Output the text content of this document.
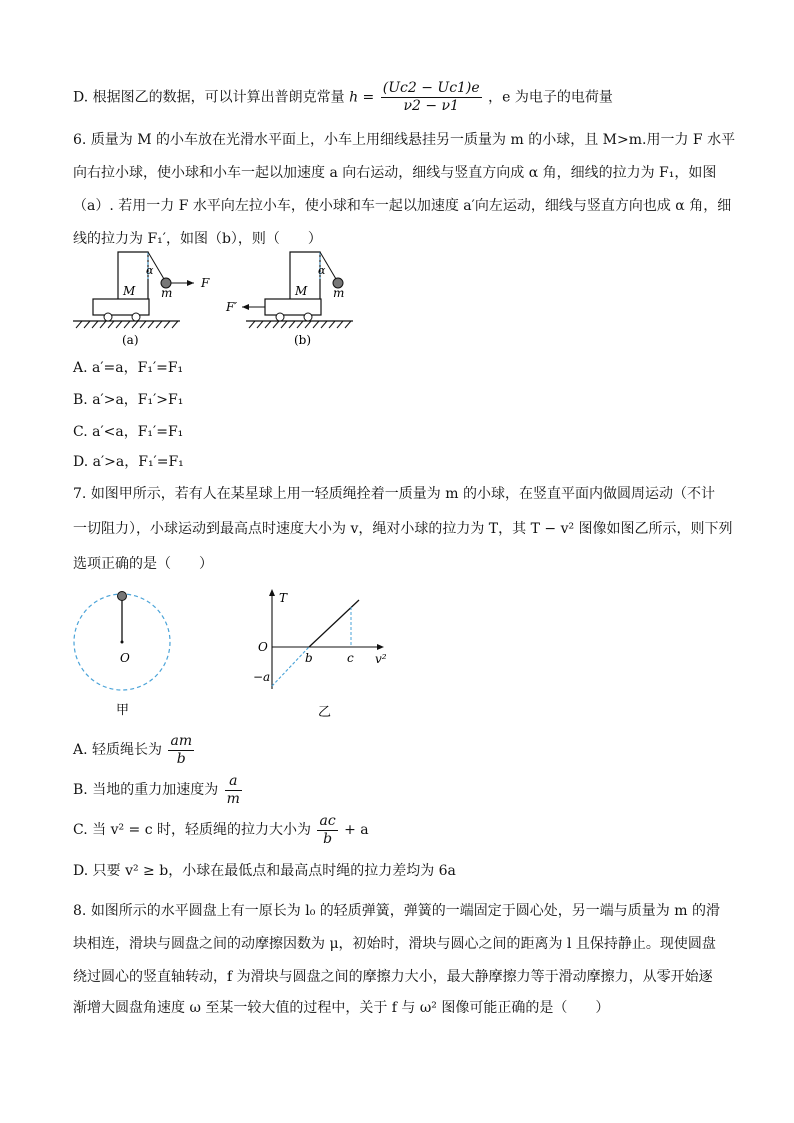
D. 根据图乙的数据，可以计算出普朗克常量 $h = \frac{(Uc2 - Uc1)e}{\nu 2 - \nu 1}$ ，e 为电子的电荷量
6. 质量为 M 的小车放在光滑水平面上，小车上用细线悬挂另一质量为 m 的小球，且 M>m.用一力 F 水平
向右拉小球，使小球和小车一起以加速度 a 向右运动，细线与竖直方向成 α 角，细线的拉力为 F₁，如图
（a）. 若用一力 F 水平向左拉小车，使小球和车一起以加速度 a′向左运动，细线与竖直方向也成 α 角，细
线的拉力为 F₁′，如图（b），则（　　）
α
M m
F
(a)
α
M m
F′
(b)
A. a′=a，F₁′=F₁
B. a′>a，F₁′>F₁
C. a′<a，F₁′=F₁
D. a′>a，F₁′=F₁
7. 如图甲所示，若有人在某星球上用一轻质绳拴着一质量为 m 的小球，在竖直平面内做圆周运动（不计
一切阻力），小球运动到最高点时速度大小为 v，绳对小球的拉力为 T，其 T − v² 图像如图乙所示，则下列
选项正确的是（　　）
O
甲
T
O
b	c v²
−a
乙
A. 轻质绳长为 $\frac{am}{b}$
B. 当地的重力加速度为 $\frac{a}{m}$
C. 当 v² = c 时，轻质绳的拉力大小为 $\frac{ac}{b} + a$
D. 只要 v² ≥ b，小球在最低点和最高点时绳的拉力差均为 6a
8. 如图所示的水平圆盘上有一原长为 l₀ 的轻质弹簧，弹簧的一端固定于圆心处，另一端与质量为 m 的滑
块相连，滑块与圆盘之间的动摩擦因数为 μ，初始时，滑块与圆心之间的距离为 l 且保持静止。现使圆盘
绕过圆心的竖直轴转动，f 为滑块与圆盘之间的摩擦力大小，最大静摩擦力等于滑动摩擦力，从零开始逐
渐增大圆盘角速度 ω 至某一较大值的过程中，关于 f 与 ω² 图像可能正确的是（　　）
